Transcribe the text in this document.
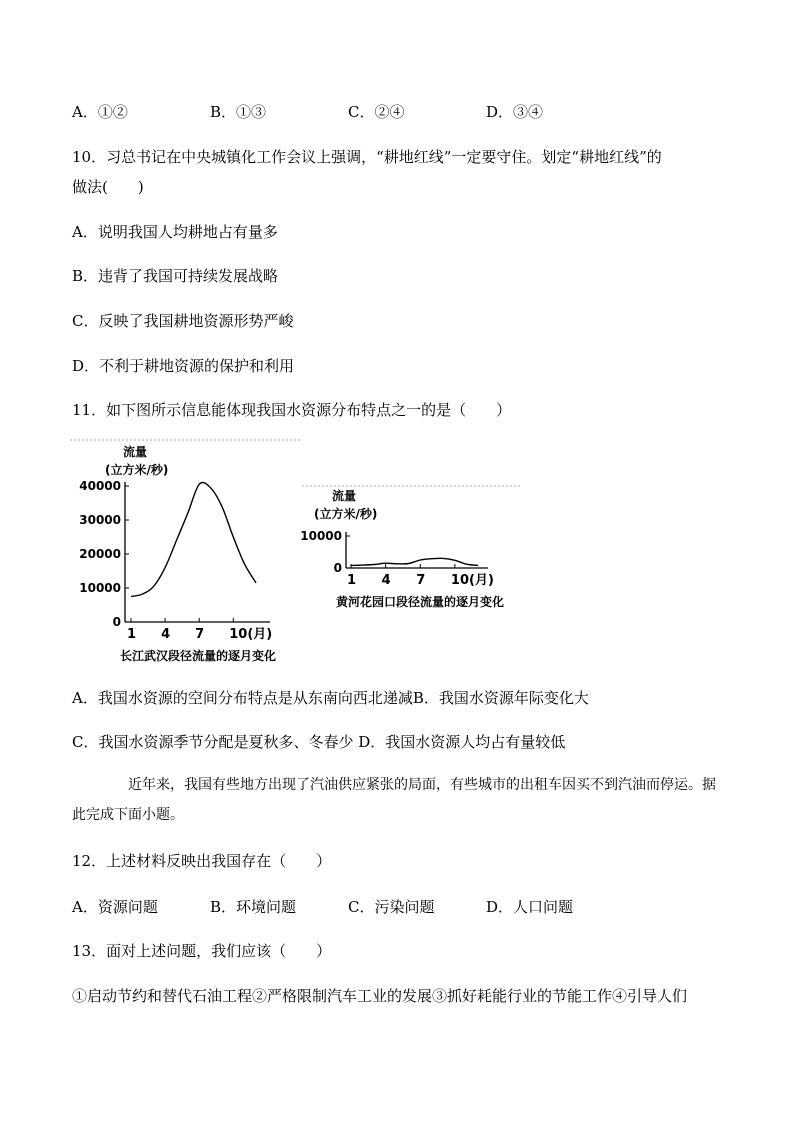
A．①②	B．①③	C．②④	D．③④
10．习总书记在中央城镇化工作会议上强调，“耕地红线”一定要守住。划定“耕地红线”的
做法(　　)
A．说明我国人均耕地占有量多
B．违背了我国可持续发展战略
C．反映了我国耕地资源形势严峻
D．不利于耕地资源的保护和利用
11．如下图所示信息能体现我国水资源分布特点之一的是（　　）
流量
(立方米/秒)
0
10000
20000
30000
40000
1 4 7 10(月)
长江武汉段径流量的逐月变化
流量
(立方米/秒)
0
10000
1 4 7 10(月)
黄河花园口段径流量的逐月变化
A．我国水资源的空间分布特点是从东南向西北递减B．我国水资源年际变化大
C．我国水资源季节分配是夏秋多、冬春少 D．我国水资源人均占有量较低
近年来，我国有些地方出现了汽油供应紧张的局面，有些城市的出租车因买不到汽油而停运。据此完成下面小题。
12．上述材料反映出我国存在（　　）
A．资源问题	B．环境问题	C．污染问题	D．人口问题
13．面对上述问题，我们应该（　　）
①启动节约和替代石油工程②严格限制汽车工业的发展③抓好耗能行业的节能工作④引导人们
